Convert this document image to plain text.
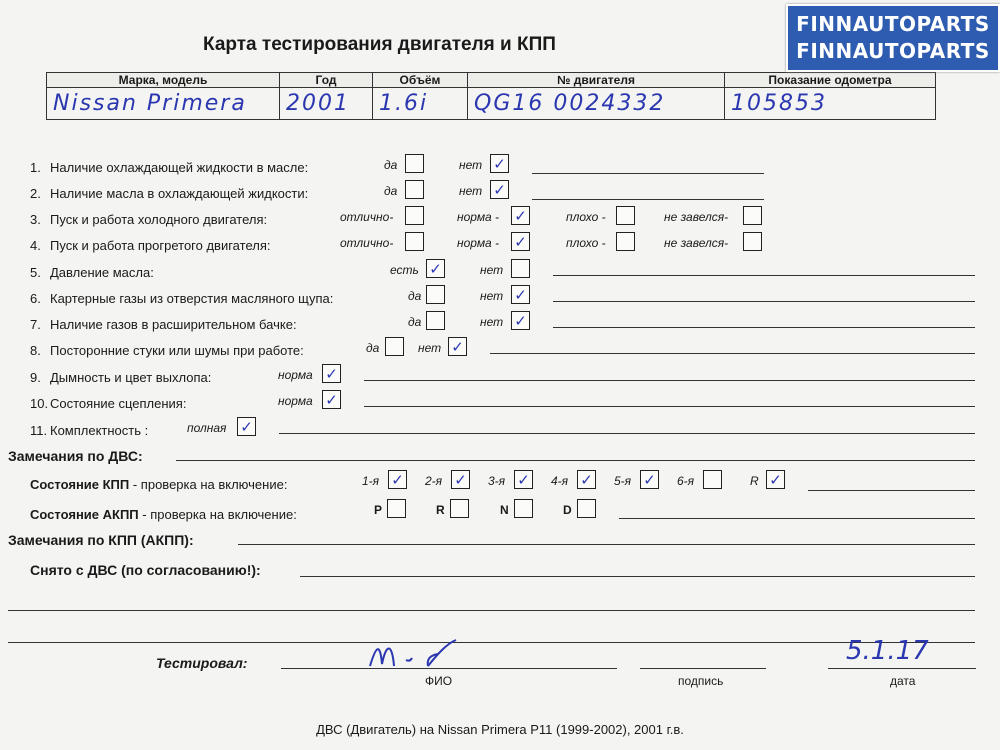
Карта тестирования двигателя и КПП
Марка, модель	Год	Объём	№ двигателя	Показание одометра
Nissan Primera	2001	1.6i	QG16 0024332	105853
FINNAUTOPARTS
FINNAUTOPARTS
1. Наличие охлаждающей жидкости в масле:	да	нет ✓
2. Наличие масла в охлаждающей жидкости:	да	нет ✓
3. Пуск и работа холодного двигателя:	отлично-	норма - ✓	плохо -	не завелся-
4. Пуск и работа прогретого двигателя:	отлично-	норма - ✓	плохо -	не завелся-
5. Давление масла:	есть ✓	нет
6. Картерные газы из отверстия масляного щупа:	да	нет ✓
7. Наличие газов в расширительном бачке:	да	нет ✓
8. Посторонние стуки или шумы при работе:	да	нет ✓
9. Дымность и цвет выхлопа:	норма ✓
10. Состояние сцепления:	норма ✓
11. Комплектность :	полная ✓
Замечания по ДВС:
Состояние КПП - проверка на включение:	1-я ✓ 2-я ✓ 3-я ✓ 4-я ✓ 5-я ✓ 6-я	R ✓
Состояние АКПП - проверка на включение:	P	R	N	D
Замечания по КПП (АКПП):
Снято с ДВС (по согласованию!):
Тестировал:
ФИО	подпись	дата
5.1.17
ДВС (Двигатель) на Nissan Primera P11 (1999-2002), 2001 г.в.
